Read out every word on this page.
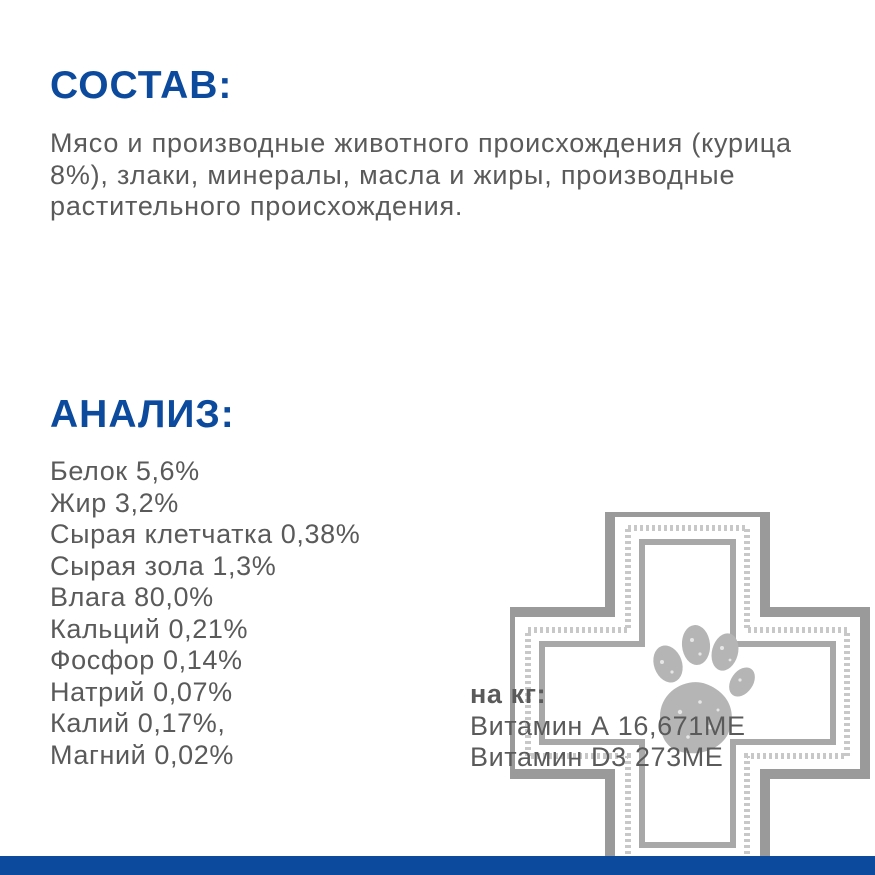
СОСТАВ:
Мясо и производные животного происхождения (курица 8%), злаки, минералы, масла и жиры, производные растительного происхождения.
АНАЛИЗ:
Белок 5,6%
Жир 3,2%
Сырая клетчатка 0,38%
Сырая зола 1,3%
Влага 80,0%
Кальций 0,21%
Фосфор 0,14%
Натрий 0,07%
Калий 0,17%,
Магний 0,02%
на кг:
Витамин А 16,671МЕ
Витамин D3 273МЕ
